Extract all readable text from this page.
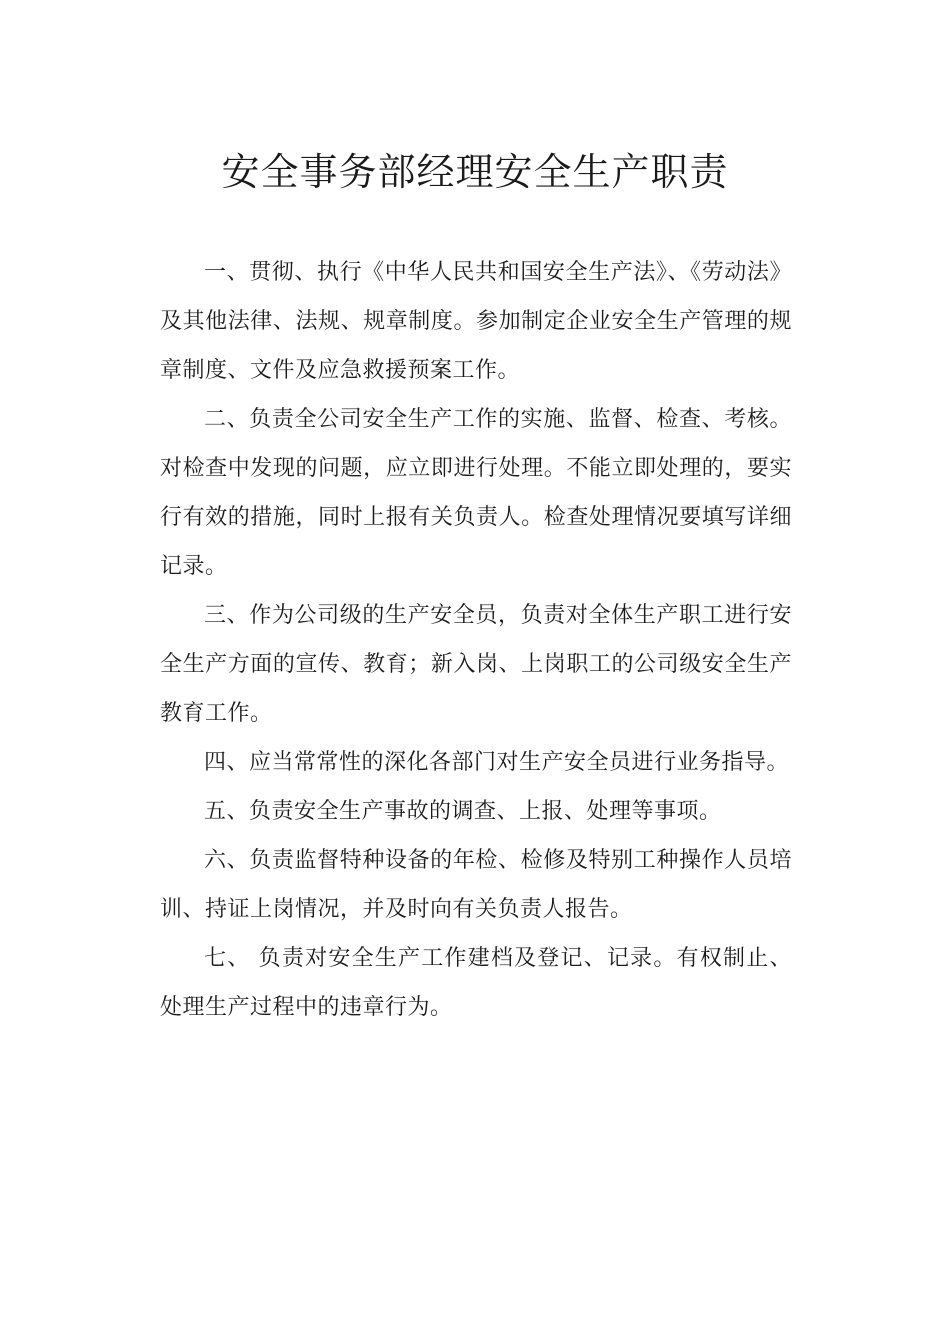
安全事务部经理安全生产职责

一、贯彻、执行《中华人民共和国安全生产法》、《劳动法》及其他法律、法规、规章制度。参加制定企业安全生产管理的规章制度、文件及应急救援预案工作。

二、负责全公司安全生产工作的实施、监督、检查、考核。对检查中发现的问题，应立即进行处理。不能立即处理的，要实行有效的措施，同时上报有关负责人。检查处理情况要填写详细记录。

三、作为公司级的生产安全员，负责对全体生产职工进行安全生产方面的宣传、教育；新入岗、上岗职工的公司级安全生产教育工作。

四、应当常常性的深化各部门对生产安全员进行业务指导。

五、负责安全生产事故的调查、上报、处理等事项。

六、负责监督特种设备的年检、检修及特别工种操作人员培训、持证上岗情况，并及时向有关负责人报告。

七、 负责对安全生产工作建档及登记、记录。有权制止、处理生产过程中的违章行为。
